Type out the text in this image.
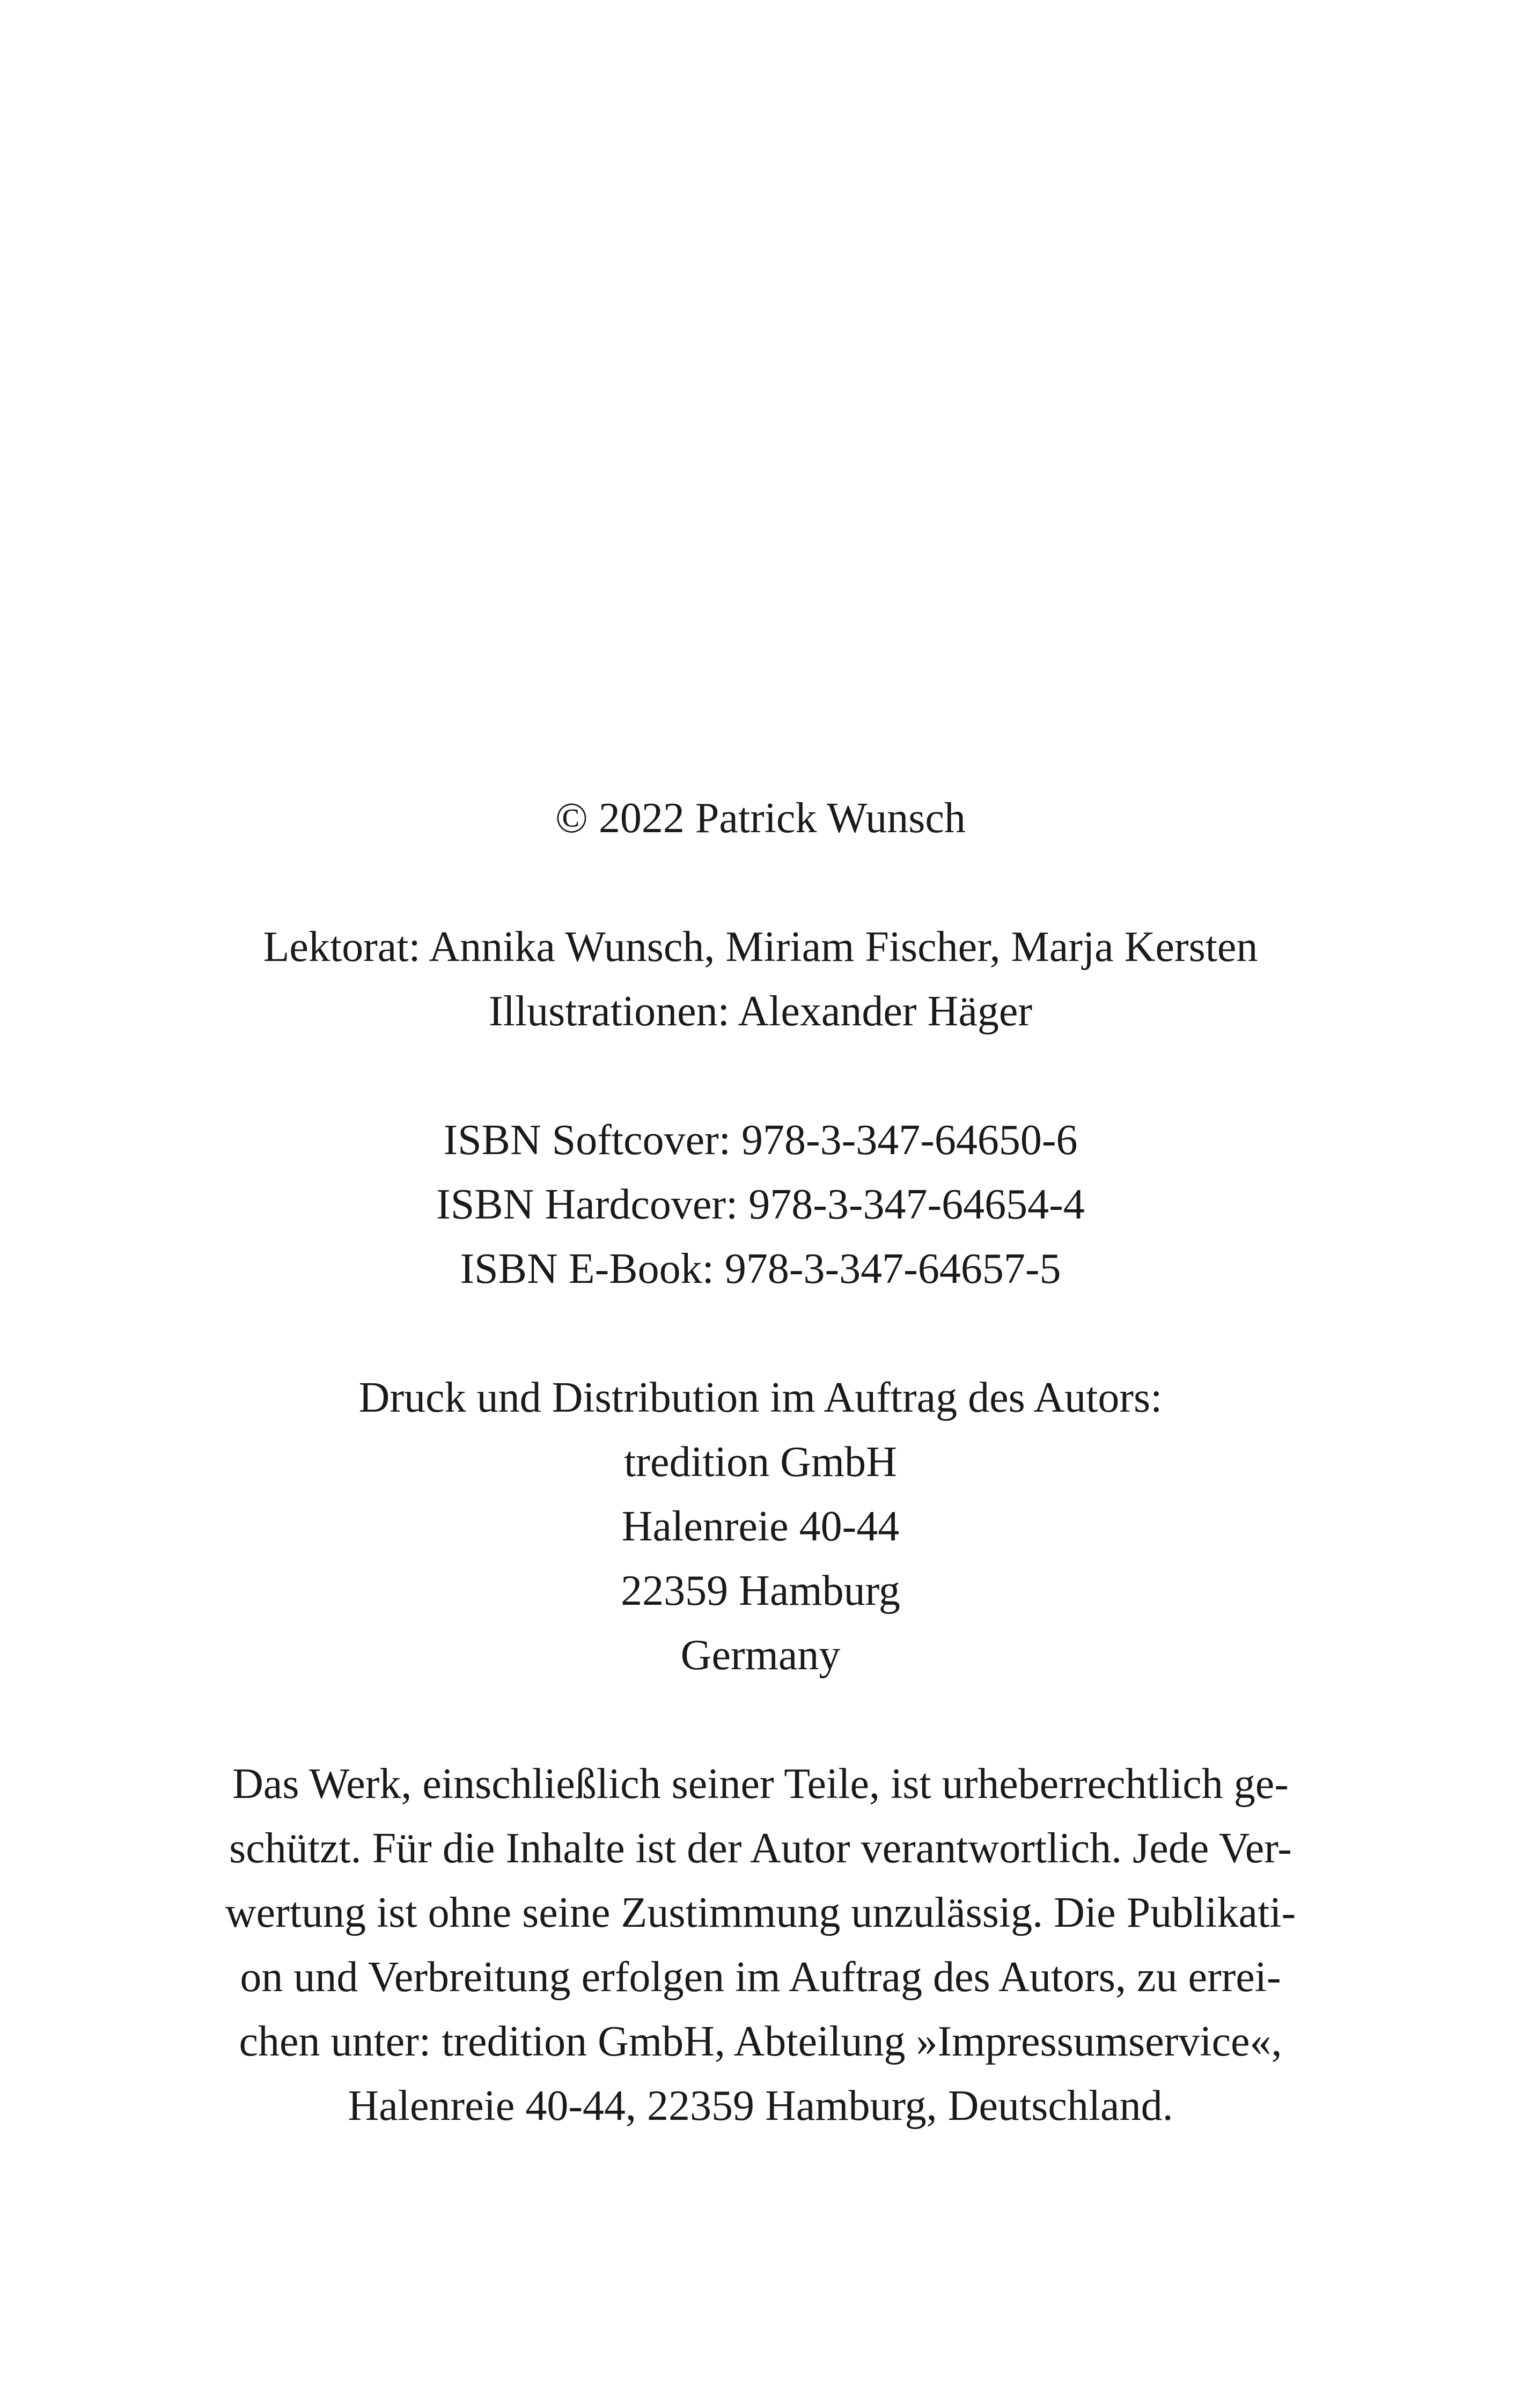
© 2022 Patrick Wunsch
Lektorat: Annika Wunsch, Miriam Fischer, Marja Kersten
Illustrationen: Alexander Häger
ISBN Softcover: 978-3-347-64650-6
ISBN Hardcover: 978-3-347-64654-4
ISBN E-Book: 978-3-347-64657-5
Druck und Distribution im Auftrag des Autors:
tredition GmbH
Halenreie 40-44
22359 Hamburg
Germany
Das Werk, einschließlich seiner Teile, ist urheberrechtlich ge-
schützt. Für die Inhalte ist der Autor verantwortlich. Jede Ver-
wertung ist ohne seine Zustimmung unzulässig. Die Publikati-
on und Verbreitung erfolgen im Auftrag des Autors, zu errei-
chen unter: tredition GmbH, Abteilung »Impressumservice«,
Halenreie 40-44, 22359 Hamburg, Deutschland.
